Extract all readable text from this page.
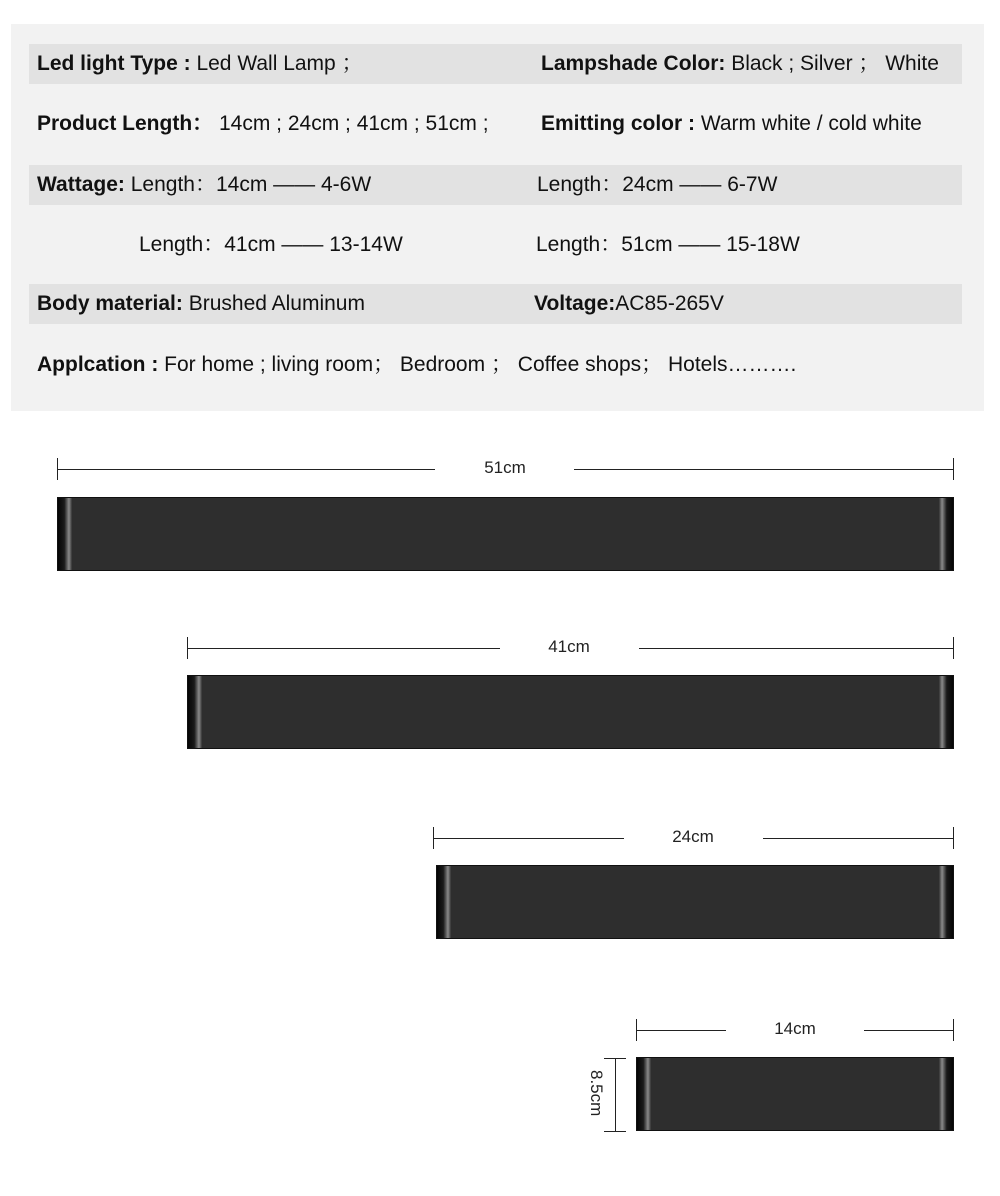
Led light Type : Led Wall Lamp ；	Lampshade Color: Black ; Silver ； White
Product Length： 14cm ; 24cm ; 41cm ; 51cm ; Emitting color : Warm white / cold white
Wattage: Length：14cm —— 4-6W	Length：24cm —— 6-7W
Length：41cm —— 13-14W	Length：51cm —— 15-18W
Body material: Brushed Aluminum	Voltage:AC85-265V
Applcation : For home ; living room； Bedroom ； Coffee shops； Hotels……….
51cm
41cm
24cm
14cm
8.5cm
